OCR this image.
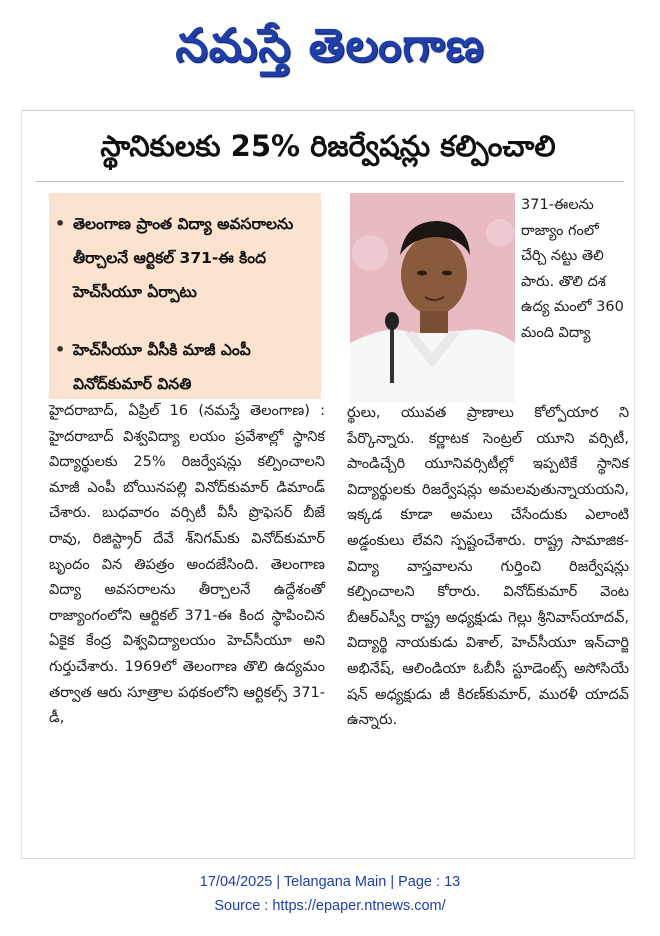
నమస్తే తెలంగాణ
స్థానికులకు 25% రిజర్వేషన్లు కల్పించాలి
• తెలంగాణ ప్రాంత విద్యా అవసరాలను తీర్చాలనే ఆర్టికల్ 371-ఈ కింద హెచ్‌సీయూ ఏర్పాటు
• హెచ్‌సీయూ వీసీకి మాజీ ఎంపీ వినోద్‌కుమార్ వినతి
371-ఈలను రాజ్యాం గంలో చేర్చి నట్టు తెలి పారు. తొలి దశ ఉద్య మంలో 360 మంది విద్యా
హైదరాబాద్, ఏప్రిల్ 16 (నమస్తే తెలంగాణ) : హైదరాబాద్ విశ్వవిద్యా లయం ప్రవేశాల్లో స్థానిక విద్యార్థులకు 25% రిజర్వేషన్లు కల్పించాలని మాజీ ఎంపీ బోయినపల్లి వినోద్‌కుమార్ డిమాండ్ చేశారు. బుధవారం వర్సిటీ వీసీ ప్రొఫెసర్ బీజే రావు, రిజిస్ట్రార్ దేవే శ్‌నిగమ్‌కు వినోద్‌కుమార్ బృందం విన తిపత్రం అందజేసింది. తెలంగాణ విద్యా అవసరాలను తీర్చాలనే ఉద్దేశంతో రాజ్యాంగంలోని ఆర్టికల్ 371-ఈ కింద స్థాపించిన ఏకైక కేంద్ర విశ్వవిద్యాలయం హెచ్‌సీయూ అని గుర్తుచేశారు. 1969లో తెలంగాణ తొలి ఉద్యమం తర్వాత ఆరు సూత్రాల పథకంలోని ఆర్టికల్స్ 371-డీ,
ర్థులు, యువత ప్రాణాలు కోల్పోయార ని పేర్కొన్నారు. కర్ణాటక సెంట్రల్ యూని వర్సిటీ, పాండిచ్చేరి యూనివర్సిటీల్లో ఇప్పటికే స్థానిక విద్యార్థులకు రిజర్వేషన్లు అమలవుతున్నాయయని, ఇక్కడ కూడా అమలు చేసేందుకు ఎలాంటి అడ్డంకులు లేవని స్పష్టంచేశారు. రాష్ట్ర సామాజిక- విద్యా వాస్తవాలను గుర్తించి రిజర్వేషన్లు కల్పించాలని కోరారు. వినోద్‌కుమార్ వెంట బీఆర్‌ఎస్వీ రాష్ట్ర అధ్యక్షుడు గెల్లు శ్రీనివాస్‌యాదవ్, విద్యార్థి నాయకుడు విశాల్, హెచ్‌సీయూ ఇన్‌చార్జి అభినేష్, ఆలిండియా ఓబీసీ స్టూడెంట్స్ అసోసియే షన్ అధ్యక్షుడు జీ కిరణ్‌కుమార్, మురళీ యాదవ్ ఉన్నారు.
17/04/2025 | Telangana Main | Page : 13
Source : https://epaper.ntnews.com/
